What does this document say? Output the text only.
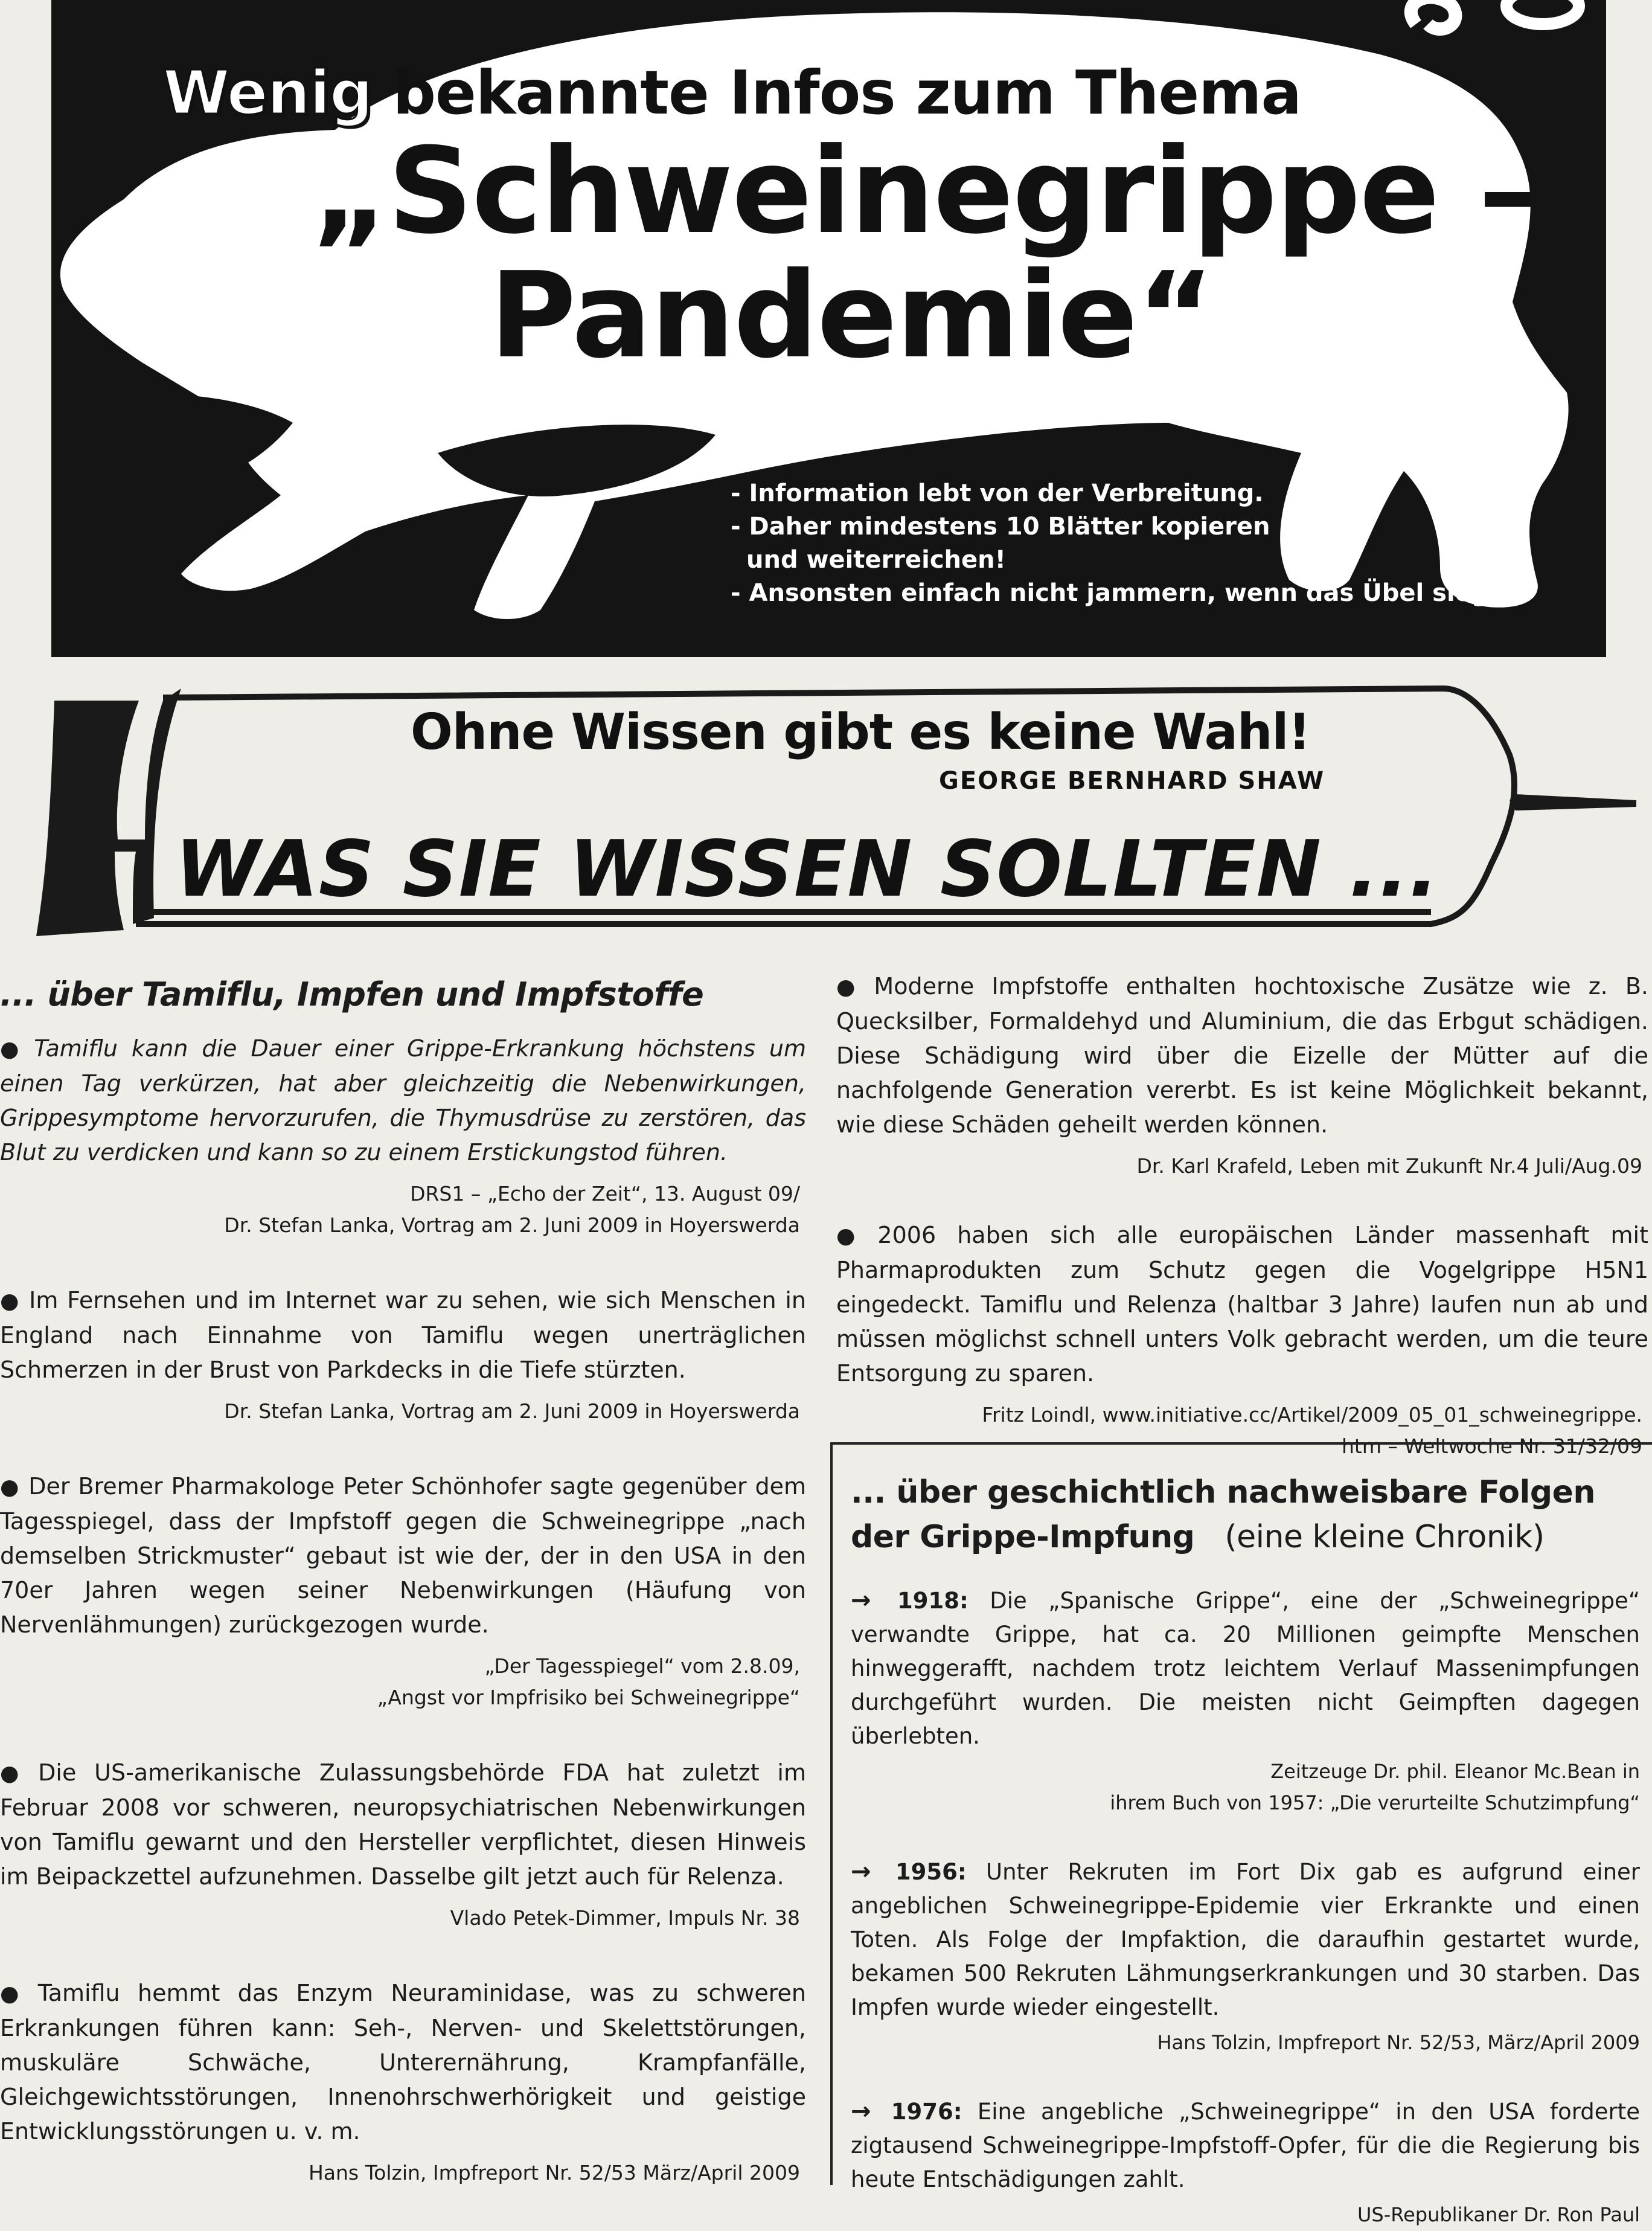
Wenig bekannte Infos zum Thema
„Schweinegrippe –
Pandemie“
- Information lebt von der Verbreitung.
- Daher mindestens 10 Blätter kopieren
und weiterreichen!
- Ansonsten einfach nicht jammern, wenn das Übel siegt.
Ohne Wissen gibt es keine Wahl!
GEORGE BERNHARD SHAW
WAS SIE WISSEN SOLLTEN ...
... über Tamiflu, Impfen und Impfstoffe

● Tamiflu kann die Dauer einer Grippe-Erkrankung höchstens um einen Tag verkürzen, hat aber gleichzeitig die Nebenwirkungen, Grippesymptome hervorzurufen, die Thymusdrüse zu zerstören, das Blut zu verdicken und kann so zu einem Erstickungstod führen.

DRS1 – „Echo der Zeit“, 13. August 09/
Dr. Stefan Lanka, Vortrag am 2. Juni 2009 in Hoyerswerda

● Im Fernsehen und im Internet war zu sehen, wie sich Menschen in England nach Einnahme von Tamiflu wegen unerträglichen Schmerzen in der Brust von Parkdecks in die Tiefe stürzten.

Dr. Stefan Lanka, Vortrag am 2. Juni 2009 in Hoyerswerda

● Der Bremer Pharmakologe Peter Schönhofer sagte gegenüber dem Tagesspiegel, dass der Impfstoff gegen die Schweinegrippe „nach demselben Strickmuster“ gebaut ist wie der, der in den USA in den 70er Jahren wegen seiner Nebenwirkungen (Häufung von Nervenlähmungen) zurückgezogen wurde.

„Der Tagesspiegel“ vom 2.8.09,
„Angst vor Impfrisiko bei Schweinegrippe“

● Die US-amerikanische Zulassungsbehörde FDA hat zuletzt im Februar 2008 vor schweren, neuropsychiatrischen Nebenwirkungen von Tamiflu gewarnt und den Hersteller verpflichtet, diesen Hinweis im Beipackzettel aufzunehmen. Dasselbe gilt jetzt auch für Relenza.

Vlado Petek-Dimmer, Impuls Nr. 38

● Tamiflu hemmt das Enzym Neuraminidase, was zu schweren Erkrankungen führen kann: Seh-, Nerven- und Skelettstörungen, muskuläre Schwäche, Unterernährung, Krampfanfälle, Gleichgewichtsstörungen, Innenohrschwerhörigkeit und geistige Entwicklungsstörungen u. v. m.

Hans Tolzin, Impfreport Nr. 52/53 März/April 2009

● Moderne Impfstoffe enthalten hochtoxische Zusätze wie z. B. Quecksilber, Formaldehyd und Aluminium, die das Erbgut schädigen. Diese Schädigung wird über die Eizelle der Mütter auf die nachfolgende Generation vererbt. Es ist keine Möglichkeit bekannt, wie diese Schäden geheilt werden können.

Dr. Karl Krafeld, Leben mit Zukunft Nr.4 Juli/Aug.09

● 2006 haben sich alle europäischen Länder massenhaft mit Pharmaprodukten zum Schutz gegen die Vogelgrippe H5N1 eingedeckt. Tamiflu und Relenza (haltbar 3 Jahre) laufen nun ab und müssen möglichst schnell unters Volk gebracht werden, um die teure Entsorgung zu sparen.

Fritz Loindl, www.initiative.cc/Artikel/2009_05_01_schweinegrippe.
htm – Weltwoche Nr. 31/32/09
... über geschichtlich nachweisbare Folgen
der Grippe-Impfung (eine kleine Chronik)

→ 1918: Die „Spanische Grippe“, eine der „Schweinegrippe“ verwandte Grippe, hat ca. 20 Millionen geimpfte Menschen hinweggerafft, nachdem trotz leichtem Verlauf Massenimpfungen durchgeführt wurden. Die meisten nicht Geimpften dagegen überlebten.

Zeitzeuge Dr. phil. Eleanor Mc.Bean in
ihrem Buch von 1957: „Die verurteilte Schutzimpfung“

→ 1956: Unter Rekruten im Fort Dix gab es aufgrund einer angeblichen Schweinegrippe-Epidemie vier Erkrankte und einen Toten. Als Folge der Impfaktion, die daraufhin gestartet wurde, bekamen 500 Rekruten Lähmungserkrankungen und 30 starben. Das Impfen wurde wieder eingestellt.

Hans Tolzin, Impfreport Nr. 52/53, März/April 2009

→ 1976: Eine angebliche „Schweinegrippe“ in den USA forderte zigtausend Schweinegrippe-Impfstoff-Opfer, für die die Regierung bis heute Entschädigungen zahlt.

US-Republikaner Dr. Ron Paul
